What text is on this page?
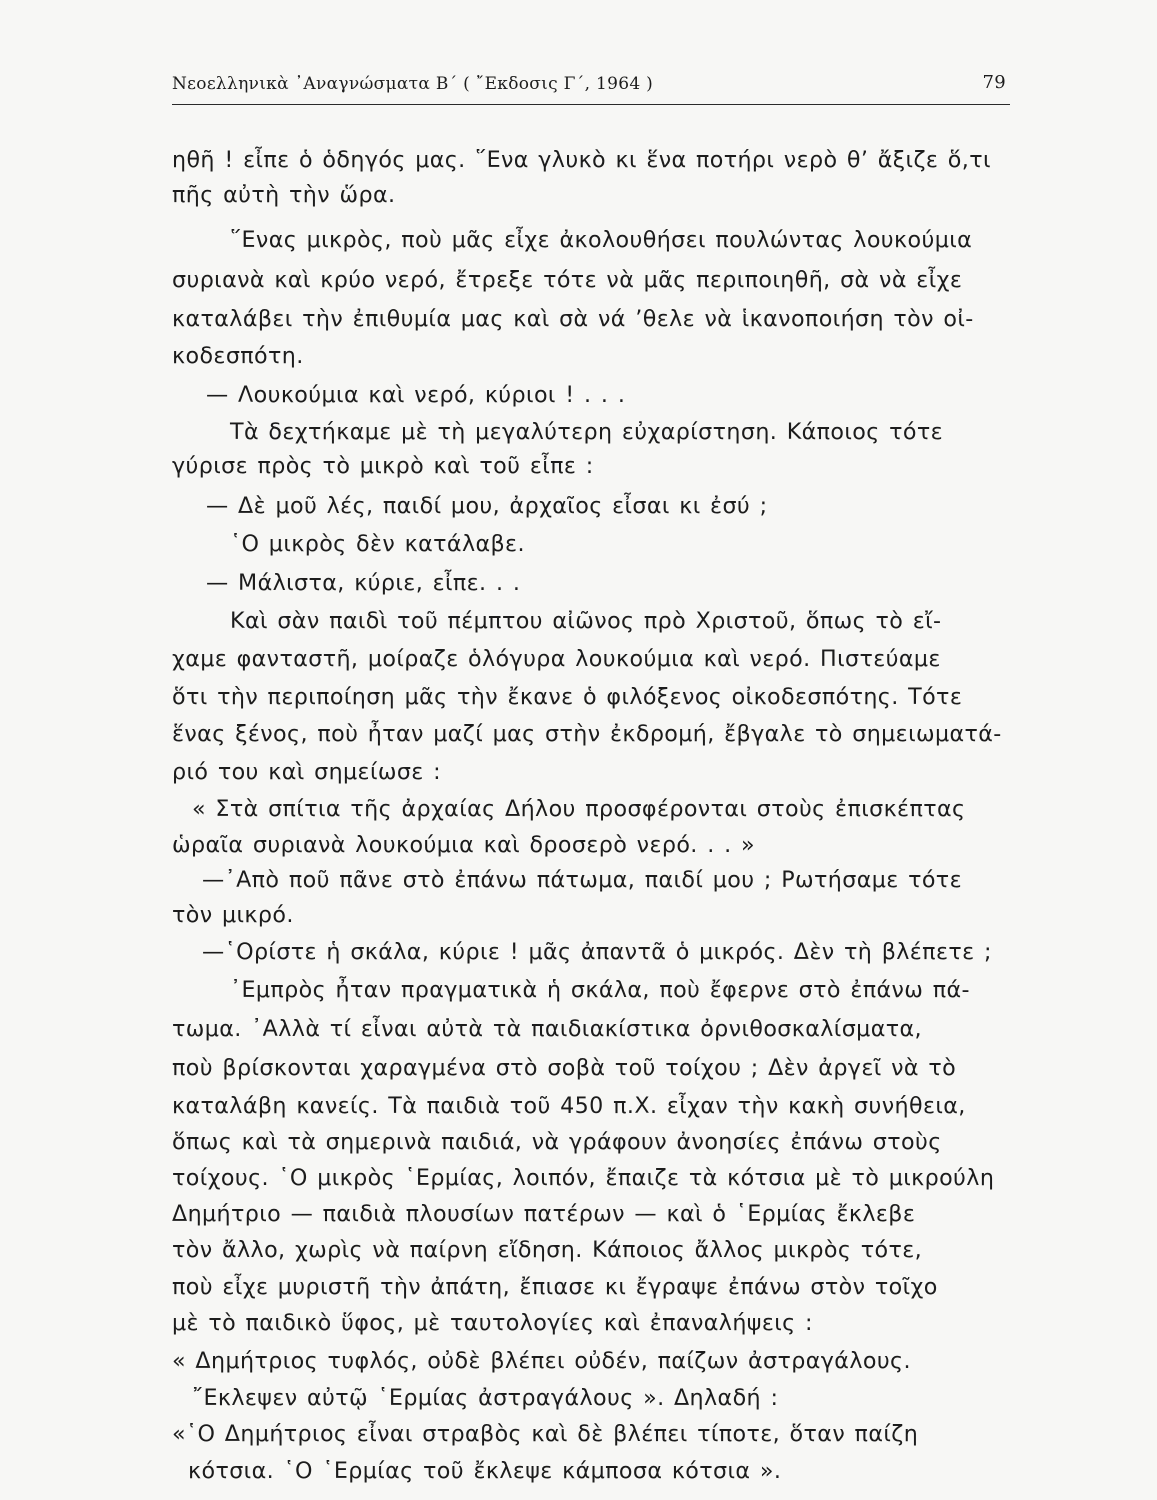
Νεοελληνικὰ ᾿Αναγνώσματα Β΄ ( ῎Εκδοσις Γ΄, 1964 )	79
ηθῆ ! εἶπε ὁ ὁδηγός μας. ῞Ενα γλυκὸ κι ἕνα ποτήρι νερὸ θ’ ἄξιζε ὅ,τι
πῆς αὐτὴ τὴν ὥρα.
῞Ενας μικρὸς, ποὺ μᾶς εἶχε ἀκολουθήσει πουλώντας λουκούμια
συριανὰ καὶ κρύο νερό, ἔτρεξε τότε νὰ μᾶς περιποιηθῆ, σὰ νὰ εἶχε
καταλάβει τὴν ἐπιθυμία μας καὶ σὰ νά ’θελε νὰ ἱκανοποιήση τὸν οἰ-
κοδεσπότη.
— Λουκούμια καὶ νερό, κύριοι ! . . .
Τὰ δεχτήκαμε μὲ τὴ μεγαλύτερη εὐχαρίστηση. Κάποιος τότε
γύρισε πρὸς τὸ μικρὸ καὶ τοῦ εἶπε :
— Δὲ μοῦ λές, παιδί μου, ἀρχαῖος εἶσαι κι ἐσύ ;
῾Ο μικρὸς δὲν κατάλαβε.
— Μάλιστα, κύριε, εἶπε. . .
Καὶ σὰν παιδὶ τοῦ πέμπτου αἰῶνος πρὸ Χριστοῦ, ὅπως τὸ εἴ-
χαμε φανταστῆ, μοίραζε ὁλόγυρα λουκούμια καὶ νερό. Πιστεύαμε
ὅτι τὴν περιποίηση μᾶς τὴν ἔκανε ὁ φιλόξενος οἰκοδεσπότης. Τότε
ἕνας ξένος, ποὺ ἦταν μαζί μας στὴν ἐκδρομή, ἔβγαλε τὸ σημειωματά-
ριό του καὶ σημείωσε :
« Στὰ σπίτια τῆς ἀρχαίας Δήλου προσφέρονται στοὺς ἐπισκέπτας
ὡραῖα συριανὰ λουκούμια καὶ δροσερὸ νερό. . . »
—᾿Απὸ ποῦ πᾶνε στὸ ἐπάνω πάτωμα, παιδί μου ; Ρωτήσαμε τότε
τὸν μικρό.
—῾Ορίστε ἡ σκάλα, κύριε ! μᾶς ἀπαντᾶ ὁ μικρός. Δὲν τὴ βλέπετε ;
᾿Εμπρὸς ἦταν πραγματικὰ ἡ σκάλα, ποὺ ἔφερνε στὸ ἐπάνω πά-
τωμα. ᾿Αλλὰ τί εἶναι αὐτὰ τὰ παιδιακίστικα ὀρνιθοσκαλίσματα,
ποὺ βρίσκονται χαραγμένα στὸ σοβὰ τοῦ τοίχου ; Δὲν ἀργεῖ νὰ τὸ
καταλάβη κανείς. Τὰ παιδιὰ τοῦ 450 π.Χ. εἶχαν τὴν κακὴ συνήθεια,
ὅπως καὶ τὰ σημερινὰ παιδιά, νὰ γράφουν ἀνοησίες ἐπάνω στοὺς
τοίχους. ῾Ο μικρὸς ῾Ερμίας, λοιπόν, ἔπαιζε τὰ κότσια μὲ τὸ μικρούλη
Δημήτριο — παιδιὰ πλουσίων πατέρων — καὶ ὁ ῾Ερμίας ἔκλεβε
τὸν ἄλλο, χωρὶς νὰ παίρνη εἴδηση. Κάποιος ἄλλος μικρὸς τότε,
ποὺ εἶχε μυριστῆ τὴν ἀπάτη, ἔπιασε κι ἔγραψε ἐπάνω στὸν τοῖχο
μὲ τὸ παιδικὸ ὕφος, μὲ ταυτολογίες καὶ ἐπαναλήψεις :
« Δημήτριος τυφλός, οὐδὲ βλέπει οὐδέν, παίζων ἀστραγάλους.
῎Εκλεψεν αὐτῷ ῾Ερμίας ἀστραγάλους ». Δηλαδή :
«῾Ο Δημήτριος εἶναι στραβὸς καὶ δὲ βλέπει τίποτε, ὅταν παίζη
κότσια. ῾Ο ῾Ερμίας τοῦ ἔκλεψε κάμποσα κότσια ».
